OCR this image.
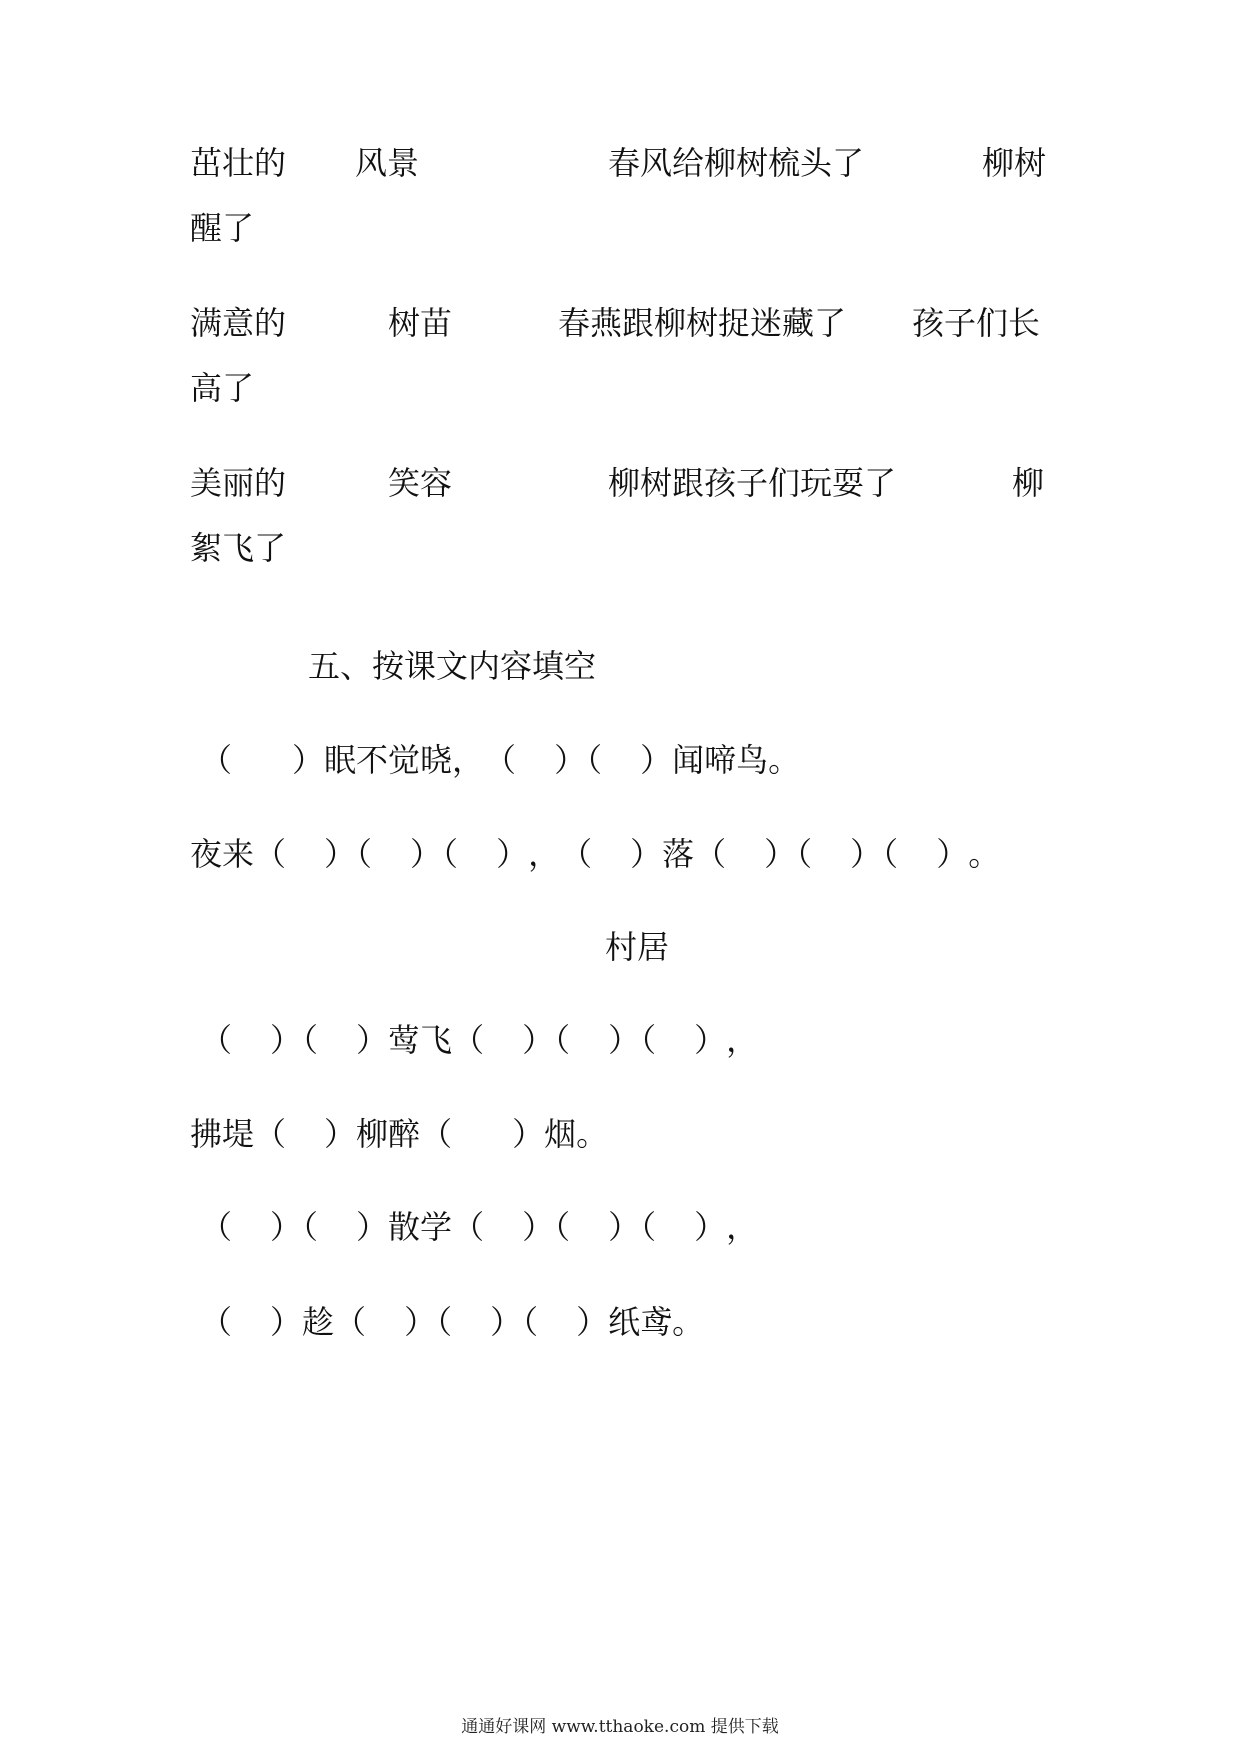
茁壮的 风景	春风给柳树梳头了	柳树
醒了
满意的	树苗	春燕跟柳树捉迷藏了 孩子们长
高了
美丽的	笑容	柳树跟孩子们玩耍了	柳
絮飞了
五、按课文内容填空
（ ）眠不觉晓，（ ）（ ）闻啼鸟。
夜来（ ）（ ）（ ），（ ）落（ ）（ ）（ ）。
村居
（ ）（ ）莺飞（ ）（ ）（ ），
拂堤（ ）柳醉（ ）烟。
（ ）（ ）散学（ ）（ ）（ ），
（ ）趁（ ）（ ）（ ）纸鸢。
通通好课网 www.tthaoke.com 提供下载
